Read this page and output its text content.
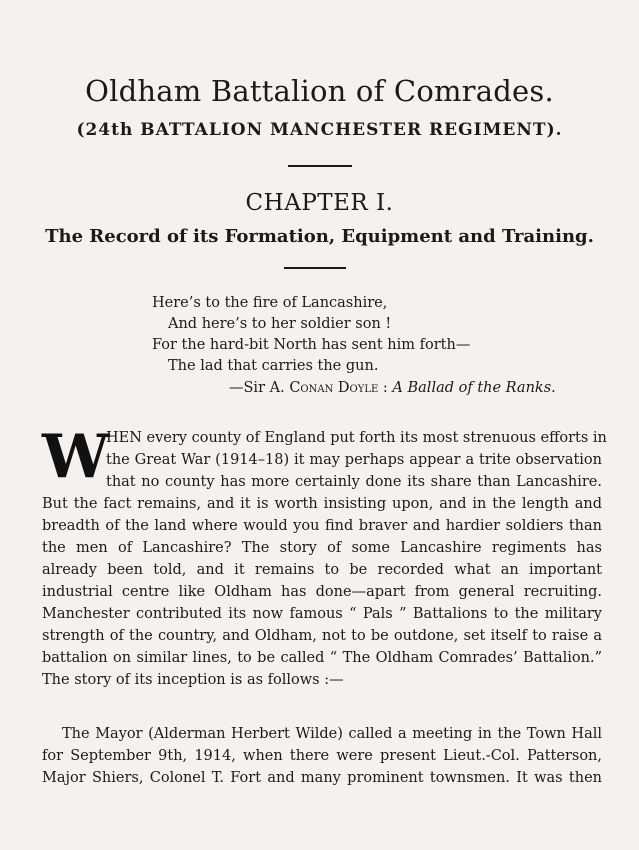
Oldham Battalion of Comrades.
(24th BATTALION MANCHESTER REGIMENT).
CHAPTER I.
The Record of its Formation, Equipment and Training.
Here’s to the fire of Lancashire,
And here’s to her soldier son !
For the hard-bit North has sent him forth—
The lad that carries the gun.
—Sir A. Conan Doyle : A Ballad of the Ranks.
W
HEN every county of England put forth its most strenuous efforts in
the Great War (1914–18) it may perhaps appear a trite observation
that no county has more certainly done its share than Lancashire.
But the fact remains, and it is worth insisting upon, and in the length and
breadth of the land where would you find braver and hardier soldiers than
the men of Lancashire? The story of some Lancashire regiments has
already been told, and it remains to be recorded what an important
industrial centre like Oldham has done—apart from general recruiting.
Manchester contributed its now famous “ Pals ” Battalions to the military
strength of the country, and Oldham, not to be outdone, set itself to raise a
battalion on similar lines, to be called “ The Oldham Comrades’ Battalion.”
The story of its inception is as follows :—
The Mayor (Alderman Herbert Wilde) called a meeting in the Town Hall
for September 9th, 1914, when there were present Lieut.-Col. Patterson,
Major Shiers, Colonel T. Fort and many prominent townsmen. It was then
